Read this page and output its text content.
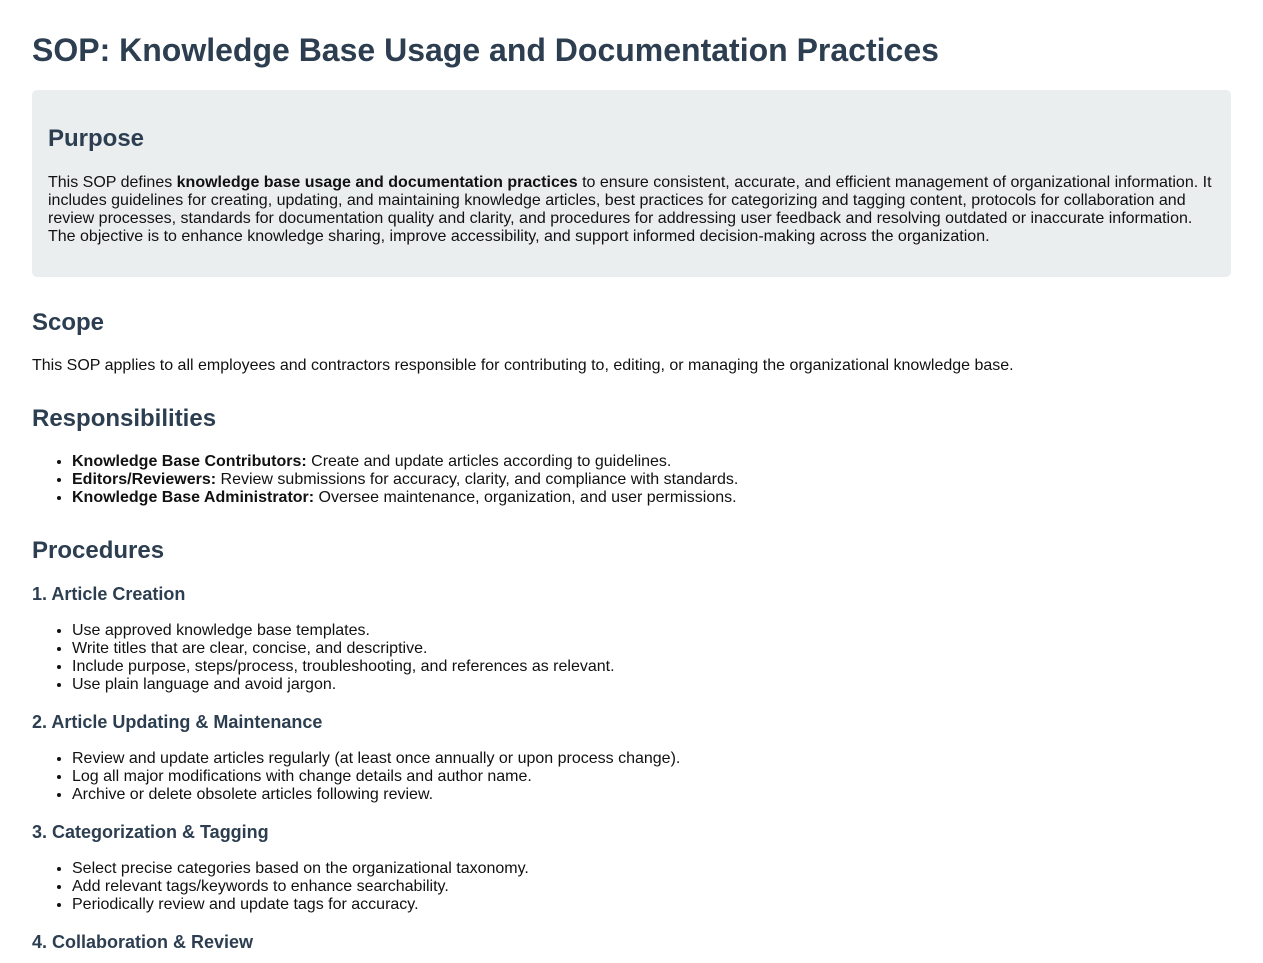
SOP: Knowledge Base Usage and Documentation Practices
Purpose

This SOP defines knowledge base usage and documentation practices to ensure consistent, accurate, and efficient management of organizational information. It includes guidelines for creating, updating, and maintaining knowledge articles, best practices for categorizing and tagging content, protocols for collaboration and review processes, standards for documentation quality and clarity, and procedures for addressing user feedback and resolving outdated or inaccurate information. The objective is to enhance knowledge sharing, improve accessibility, and support informed decision-making across the organization.

Scope

This SOP applies to all employees and contractors responsible for contributing to, editing, or managing the organizational knowledge base.

Responsibilities
• Knowledge Base Contributors: Create and update articles according to guidelines.
• Editors/Reviewers: Review submissions for accuracy, clarity, and compliance with standards.
• Knowledge Base Administrator: Oversee maintenance, organization, and user permissions.
Procedures
1. Article Creation
• Use approved knowledge base templates.
• Write titles that are clear, concise, and descriptive.
• Include purpose, steps/process, troubleshooting, and references as relevant.
• Use plain language and avoid jargon.
2. Article Updating & Maintenance
• Review and update articles regularly (at least once annually or upon process change).
• Log all major modifications with change details and author name.
• Archive or delete obsolete articles following review.
3. Categorization & Tagging
• Select precise categories based on the organizational taxonomy.
• Add relevant tags/keywords to enhance searchability.
• Periodically review and update tags for accuracy.
4. Collaboration & Review
